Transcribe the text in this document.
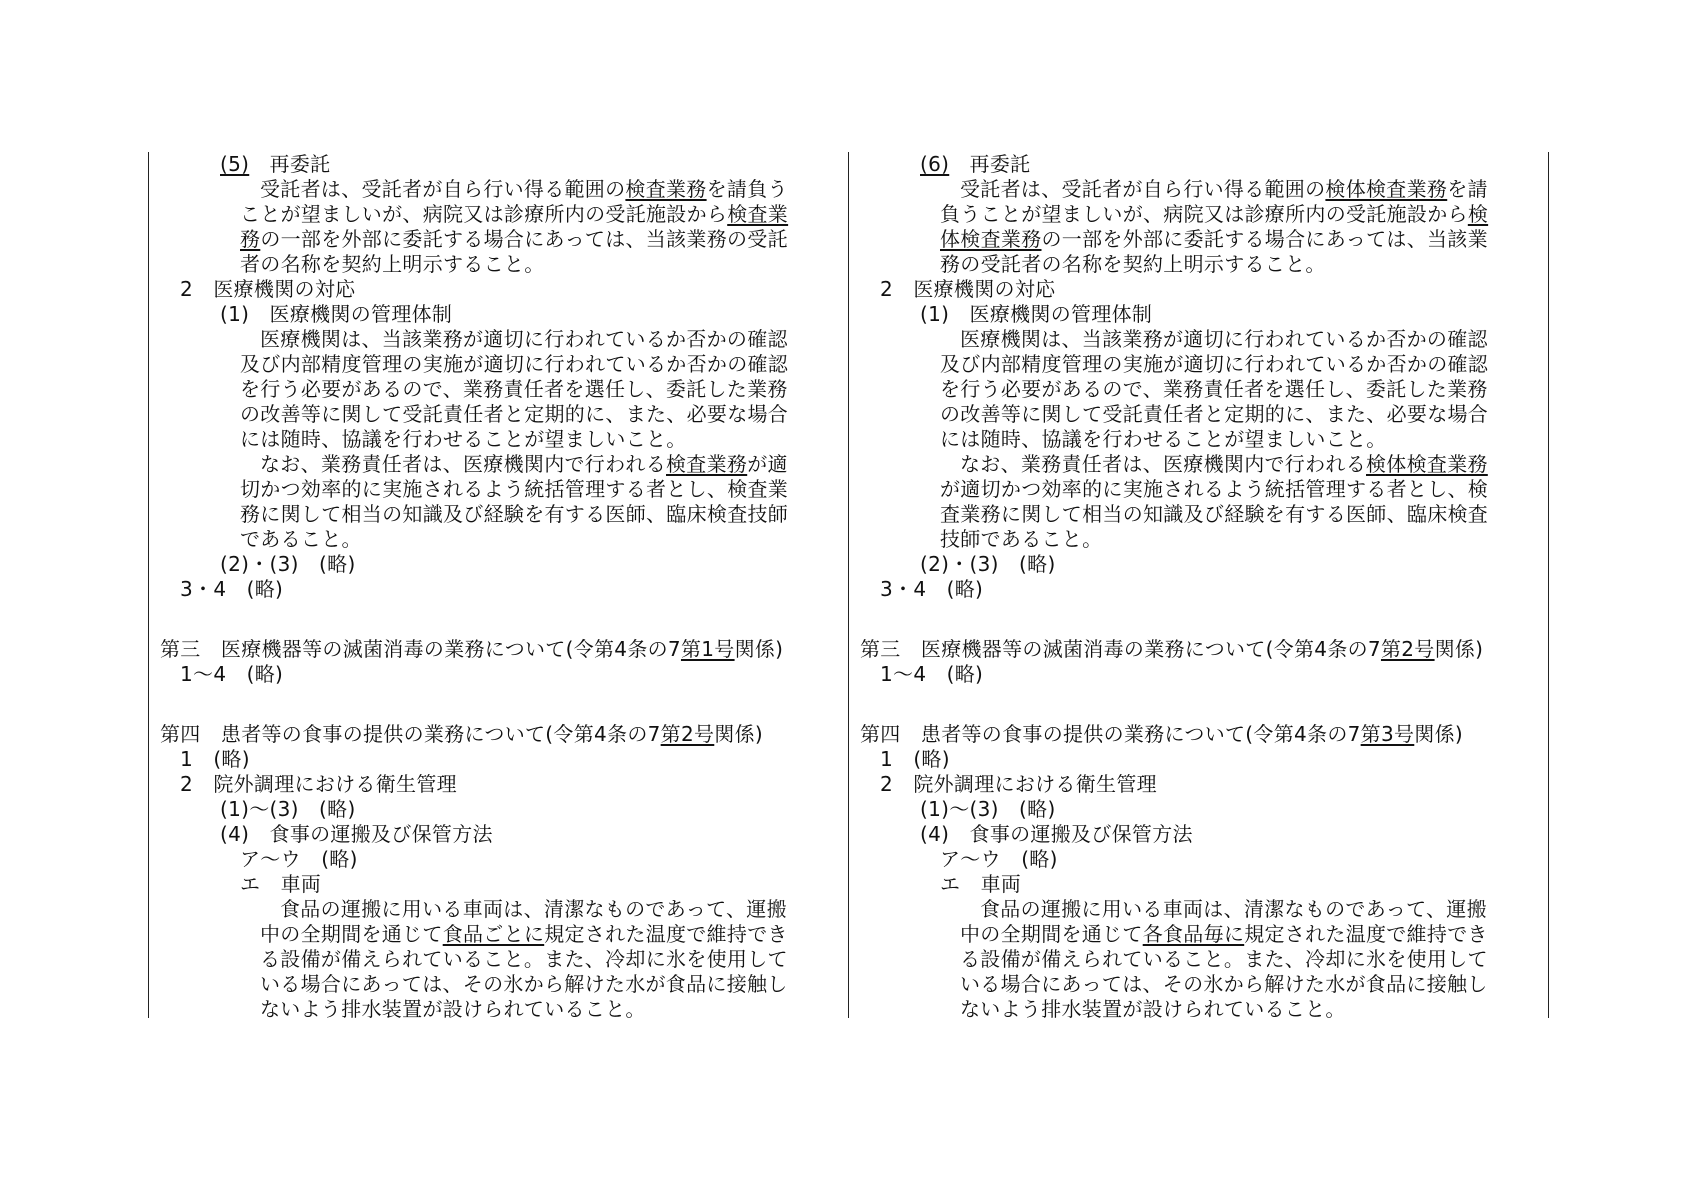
(5)　再委託
受託者は、受託者が自ら行い得る範囲の検査業務を請負う
ことが望ましいが、病院又は診療所内の受託施設から検査業
務の一部を外部に委託する場合にあっては、当該業務の受託
者の名称を契約上明示すること。
2　医療機関の対応
(1)　医療機関の管理体制
医療機関は、当該業務が適切に行われているか否かの確認
及び内部精度管理の実施が適切に行われているか否かの確認
を行う必要があるので、業務責任者を選任し、委託した業務
の改善等に関して受託責任者と定期的に、また、必要な場合
には随時、協議を行わせることが望ましいこと。
なお、業務責任者は、医療機関内で行われる検査業務が適
切かつ効率的に実施されるよう統括管理する者とし、検査業
務に関して相当の知識及び経験を有する医師、臨床検査技師
であること。
(2)・(3)　(略)
3・4　(略)
第三　医療機器等の滅菌消毒の業務について(令第4条の7第1号関係)
1〜4　(略)
第四　患者等の食事の提供の業務について(令第4条の7第2号関係)
1　(略)
2　院外調理における衛生管理
(1)〜(3)　(略)
(4)　食事の運搬及び保管方法
ア〜ウ　(略)
エ　車両
食品の運搬に用いる車両は、清潔なものであって、運搬
中の全期間を通じて食品ごとに規定された温度で維持でき
る設備が備えられていること。また、冷却に氷を使用して
いる場合にあっては、その氷から解けた水が食品に接触し
ないよう排水装置が設けられていること。
(6)　再委託
受託者は、受託者が自ら行い得る範囲の検体検査業務を請
負うことが望ましいが、病院又は診療所内の受託施設から検
体検査業務の一部を外部に委託する場合にあっては、当該業
務の受託者の名称を契約上明示すること。
2　医療機関の対応
(1)　医療機関の管理体制
医療機関は、当該業務が適切に行われているか否かの確認
及び内部精度管理の実施が適切に行われているか否かの確認
を行う必要があるので、業務責任者を選任し、委託した業務
の改善等に関して受託責任者と定期的に、また、必要な場合
には随時、協議を行わせることが望ましいこと。
なお、業務責任者は、医療機関内で行われる検体検査業務
が適切かつ効率的に実施されるよう統括管理する者とし、検
査業務に関して相当の知識及び経験を有する医師、臨床検査
技師であること。
(2)・(3)　(略)
3・4　(略)
第三　医療機器等の滅菌消毒の業務について(令第4条の7第2号関係)
1〜4　(略)
第四　患者等の食事の提供の業務について(令第4条の7第3号関係)
1　(略)
2　院外調理における衛生管理
(1)〜(3)　(略)
(4)　食事の運搬及び保管方法
ア〜ウ　(略)
エ　車両
食品の運搬に用いる車両は、清潔なものであって、運搬
中の全期間を通じて各食品毎に規定された温度で維持でき
る設備が備えられていること。また、冷却に氷を使用して
いる場合にあっては、その氷から解けた水が食品に接触し
ないよう排水装置が設けられていること。
